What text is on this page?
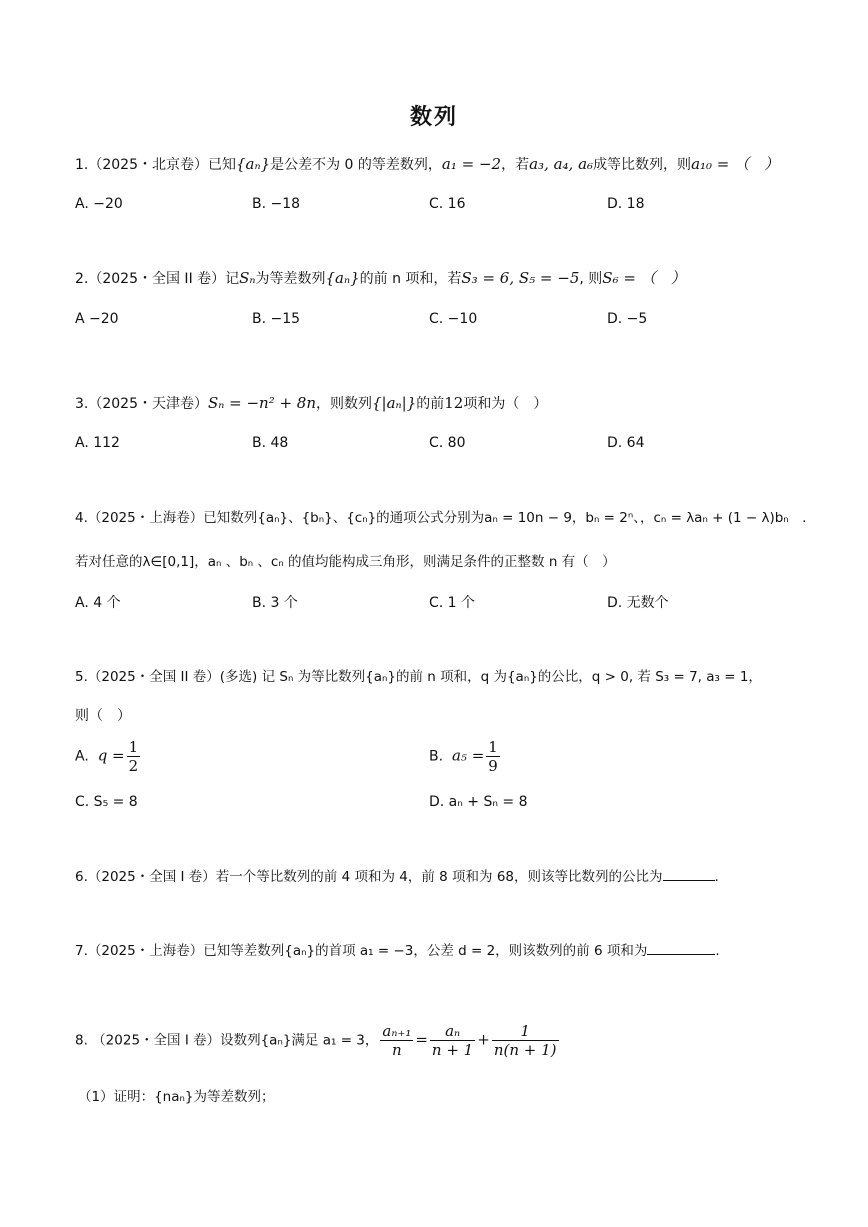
数列
1.（2025・北京卷）已知{aₙ}是公差不为 0 的等差数列，a₁ = −2，若a₃, a₄, a₆成等比数列，则a₁₀ = （　）
A. −20	B. −18	C. 16	D. 18
2.（2025・全国 II 卷）记Sₙ为等差数列{aₙ}的前 n 项和，若S₃ = 6, S₅ = −5, 则S₆ = （　）
A −20	B. −15	C. −10	D. −5
3.（2025・天津卷）Sₙ = −n² + 8n，则数列{|aₙ|}的前12项和为（　）
A. 112	B. 48	C. 80	D. 64
4.（2025・上海卷）已知数列{aₙ}、{bₙ}、{cₙ}的通项公式分别为aₙ = 10n − 9，bₙ = 2ⁿ、，cₙ = λaₙ + (1 − λ)bₙ　.
若对任意的λ∈[0,1]，aₙ 、bₙ 、cₙ 的值均能构成三角形，则满足条件的正整数 n 有（　）
A. 4 个	B. 3 个	C. 1 个	D. 无数个
5.（2025・全国 II 卷）(多选) 记 Sₙ 为等比数列{aₙ}的前 n 项和，q 为{aₙ}的公比，q > 0, 若 S₃ = 7, a₃ = 1，
则（　）
A. $q = \frac{1}{2}$	B. $a_5 = \frac{1}{9}$
C. S₅ = 8	D. aₙ + Sₙ = 8
6.（2025・全国 I 卷）若一个等比数列的前 4 项和为 4，前 8 项和为 68，则该等比数列的公比为	.
7.（2025・上海卷）已知等差数列{aₙ}的首项 a₁ = −3，公差 d = 2，则该数列的前 6 项和为	.
8. （2025・全国 I 卷）设数列{aₙ}满足 a₁ = 3， $\frac{\text{aₙ₊₁}}{n} = \frac{\text{aₙ}}{n + 1} + \frac{1}{n(n + 1)}$
（1）证明：{naₙ}为等差数列；
